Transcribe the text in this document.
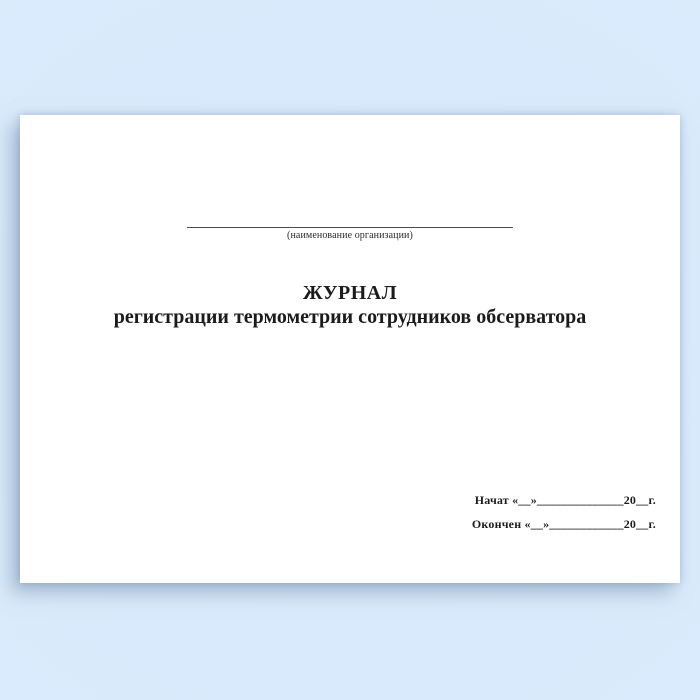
(наименование организации)
ЖУРНАЛ
регистрации термометрии сотрудников обсерватора
Начат «__»______________20__г.
Окончен «__»____________20__г.
